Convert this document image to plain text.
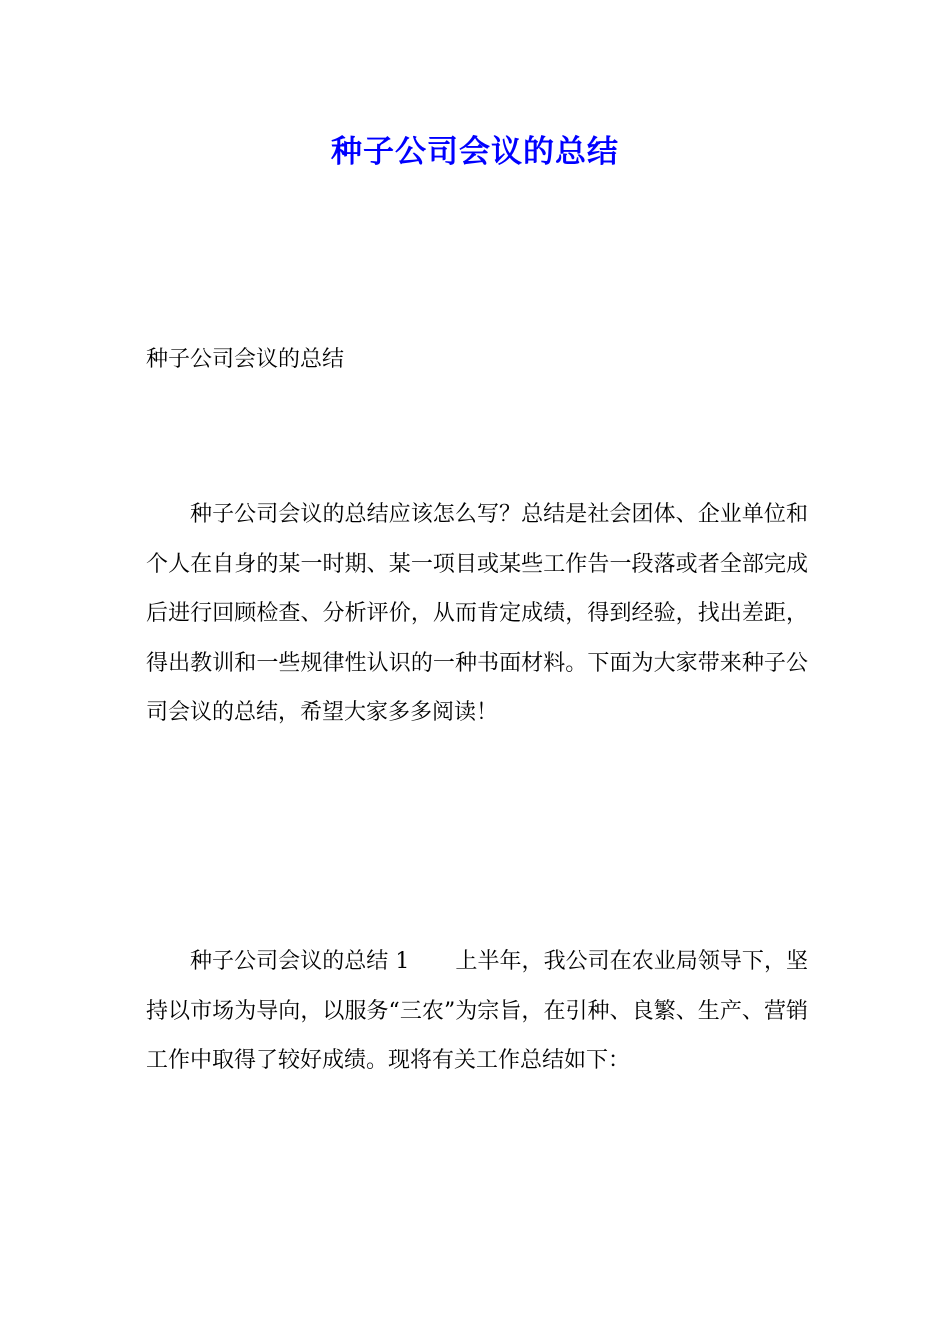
种子公司会议的总结

种子公司会议的总结

种子公司会议的总结应该怎么写？总结是社会团体、企业单位和个人在自身的某一时期、某一项目或某些工作告一段落或者全部完成后进行回顾检查、分析评价，从而肯定成绩，得到经验，找出差距，得出教训和一些规律性认识的一种书面材料。下面为大家带来种子公司会议的总结，希望大家多多阅读！

种子公司会议的总结 1 上半年，我公司在农业局领导下，坚持以市场为导向，以服务“三农”为宗旨，在引种、良繁、生产、营销工作中取得了较好成绩。现将有关工作总结如下：
